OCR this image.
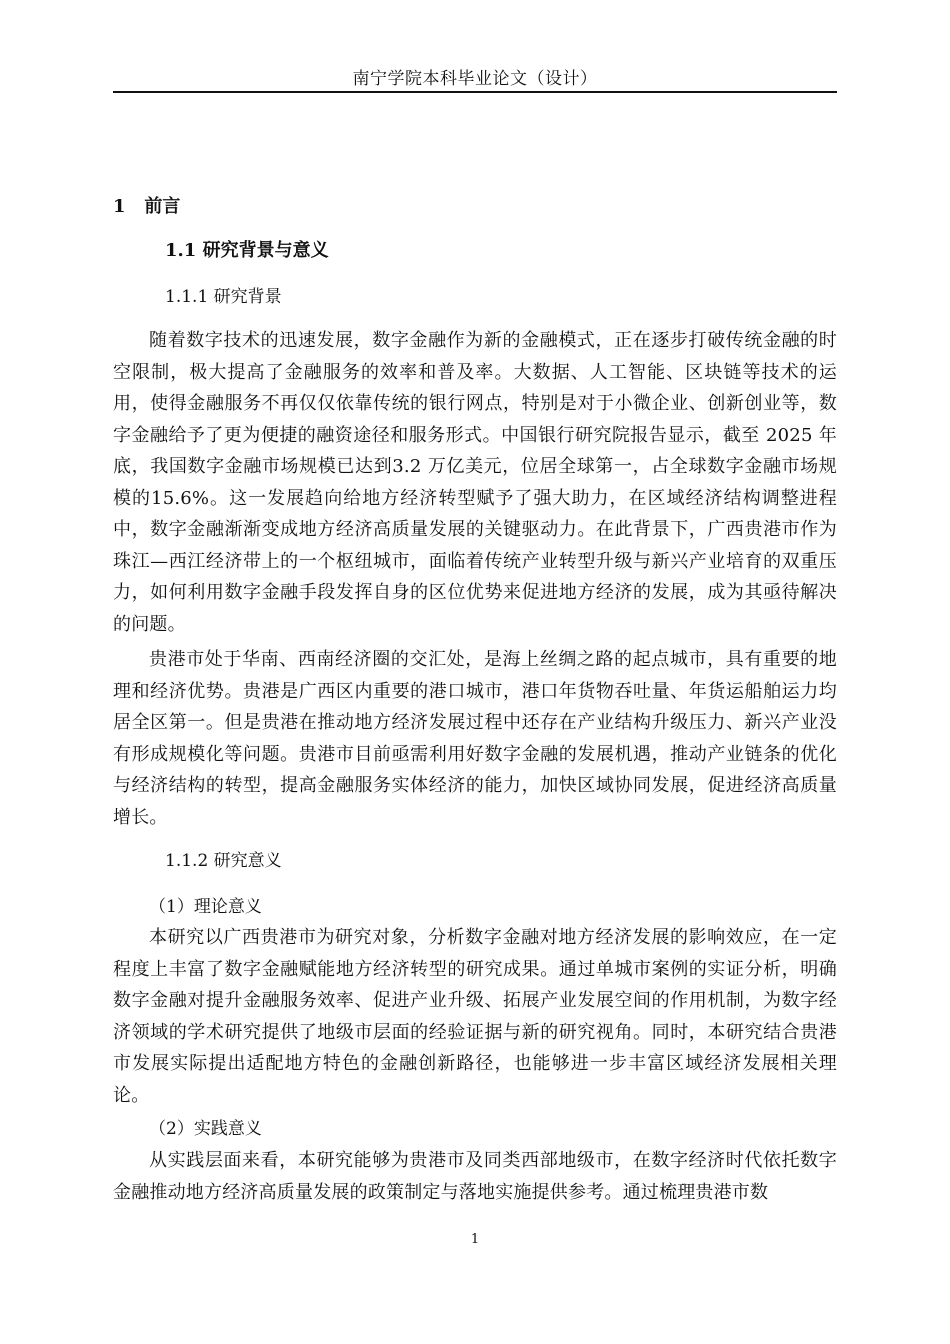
南宁学院本科毕业论文（设计）
1 前言
1.1 研究背景与意义
1.1.1 研究背景

随着数字技术的迅速发展，数字金融作为新的金融模式，正在逐步打破传统金融的时空限制，极大提高了金融服务的效率和普及率。大数据、人工智能、区块链等技术的运用，使得金融服务不再仅仅依靠传统的银行网点，特别是对于小微企业、创新创业等，数字金融给予了更为便捷的融资途径和服务形式。中国银行研究院报告显示，截至 2025 年底，我国数字金融市场规模已达到3.2 万亿美元，位居全球第一，占全球数字金融市场规模的15.6%。这一发展趋向给地方经济转型赋予了强大助力，在区域经济结构调整进程中，数字金融渐渐变成地方经济高质量发展的关键驱动力。在此背景下，广西贵港市作为珠江—西江经济带上的一个枢纽城市，面临着传统产业转型升级与新兴产业培育的双重压力，如何利用数字金融手段发挥自身的区位优势来促进地方经济的发展，成为其亟待解决的问题。

贵港市处于华南、西南经济圈的交汇处，是海上丝绸之路的起点城市，具有重要的地理和经济优势。贵港是广西区内重要的港口城市，港口年货物吞吐量、年货运船舶运力均居全区第一。但是贵港在推动地方经济发展过程中还存在产业结构升级压力、新兴产业没有形成规模化等问题。贵港市目前亟需利用好数字金融的发展机遇，推动产业链条的优化与经济结构的转型，提高金融服务实体经济的能力，加快区域协同发展，促进经济高质量增长。

1.1.2 研究意义
（1）理论意义

本研究以广西贵港市为研究对象，分析数字金融对地方经济发展的影响效应，在一定程度上丰富了数字金融赋能地方经济转型的研究成果。通过单城市案例的实证分析，明确数字金融对提升金融服务效率、促进产业升级、拓展产业发展空间的作用机制，为数字经济领域的学术研究提供了地级市层面的经验证据与新的研究视角。同时，本研究结合贵港市发展实际提出适配地方特色的金融创新路径，也能够进一步丰富区域经济发展相关理论。

（2）实践意义

从实践层面来看，本研究能够为贵港市及同类西部地级市，在数字经济时代依托数字金融推动地方经济高质量发展的政策制定与落地实施提供参考。通过梳理贵港市数

1
